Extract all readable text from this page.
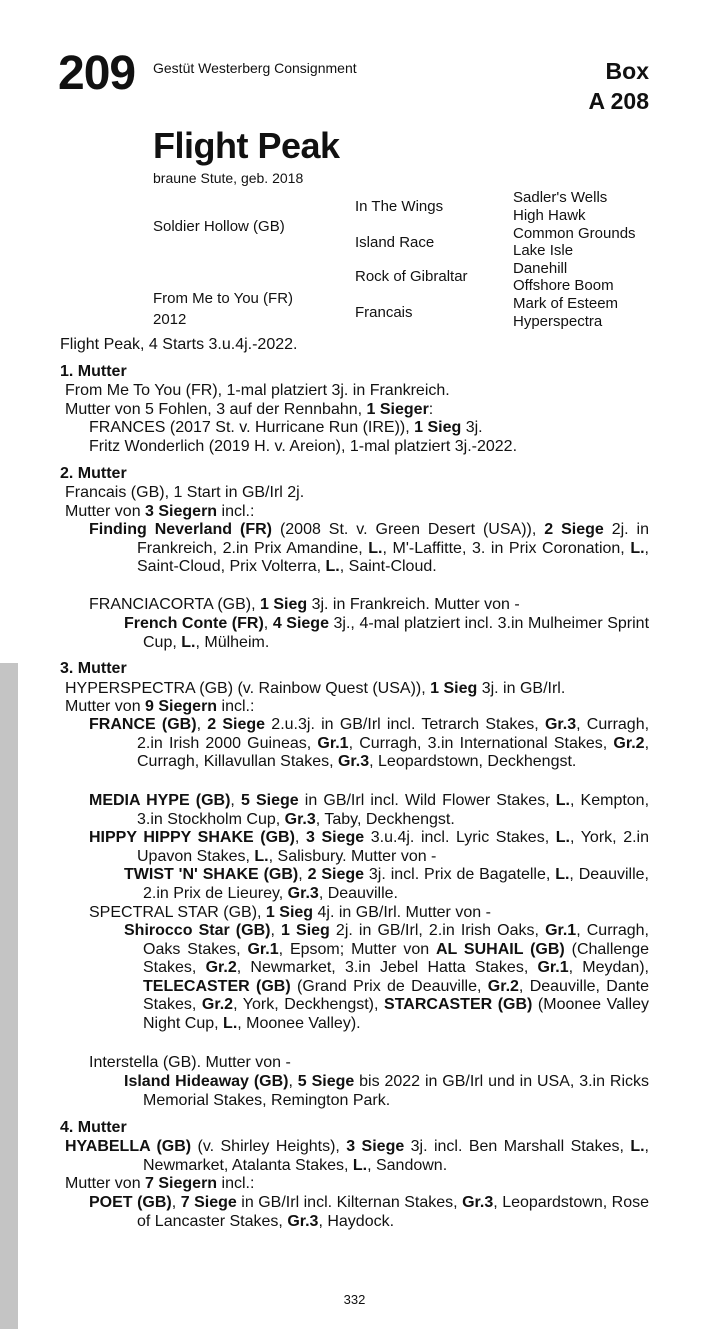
209 Gestüt Westerberg Consignment	Box
A 208
Flight Peak
braune Stute, geb. 2018
Soldier Hollow (GB)
From Me to You (FR)
2012
In The Wings
Island Race
Rock of Gibraltar
Francais
Sadler's Wells
High Hawk
Common Grounds
Lake Isle
Danehill
Offshore Boom
Mark of Esteem
Hyperspectra
Flight Peak, 4 Starts 3.u.4j.-2022.
1. Mutter
From Me To You (FR), 1-mal platziert 3j. in Frankreich.
Mutter von 5 Fohlen, 3 auf der Rennbahn, 1 Sieger:
FRANCES (2017 St. v. Hurricane Run (IRE)), 1 Sieg 3j.
Fritz Wonderlich (2019 H. v. Areion), 1-mal platziert 3j.-2022.
2. Mutter
Francais (GB), 1 Start in GB/Irl 2j.
Mutter von 3 Siegern incl.:
Finding Neverland (FR) (2008 St. v. Green Desert (USA)), 2 Siege 2j. in Frankreich, 2.in Prix Amandine, L., M'-Laffitte, 3. in Prix Coronation, L., Saint-Cloud, Prix Volterra, L., Saint-Cloud.
FRANCIACORTA (GB), 1 Sieg 3j. in Frankreich. Mutter von -
French Conte (FR), 4 Siege 3j., 4-mal platziert incl. 3.in Mulheimer Sprint Cup, L., Mülheim.
3. Mutter
HYPERSPECTRA (GB) (v. Rainbow Quest (USA)), 1 Sieg 3j. in GB/Irl.
Mutter von 9 Siegern incl.:
FRANCE (GB), 2 Siege 2.u.3j. in GB/Irl incl. Tetrarch Stakes, Gr.3, Curragh, 2.in Irish 2000 Guineas, Gr.1, Curragh, 3.in International Stakes, Gr.2, Curragh, Killavullan Stakes, Gr.3, Leopardstown, Deckhengst.
MEDIA HYPE (GB), 5 Siege in GB/Irl incl. Wild Flower Stakes, L., Kempton, 3.in Stockholm Cup, Gr.3, Taby, Deckhengst.
HIPPY HIPPY SHAKE (GB), 3 Siege 3.u.4j. incl. Lyric Stakes, L., York, 2.in Upavon Stakes, L., Salisbury. Mutter von -
TWIST 'N' SHAKE (GB), 2 Siege 3j. incl. Prix de Bagatelle, L., Deauville, 2.in Prix de Lieurey, Gr.3, Deauville.
SPECTRAL STAR (GB), 1 Sieg 4j. in GB/Irl. Mutter von -
Shirocco Star (GB), 1 Sieg 2j. in GB/Irl, 2.in Irish Oaks, Gr.1, Curragh, Oaks Stakes, Gr.1, Epsom; Mutter von AL SUHAIL (GB) (Challenge Stakes, Gr.2, Newmarket, 3.in Jebel Hatta Stakes, Gr.1, Meydan), TELECASTER (GB) (Grand Prix de Deauville, Gr.2, Deauville, Dante Stakes, Gr.2, York, Deckhengst), STARCASTER (GB) (Moonee Valley Night Cup, L., Moonee Valley).
Interstella (GB). Mutter von -
Island Hideaway (GB), 5 Siege bis 2022 in GB/Irl und in USA, 3.in Ricks Memorial Stakes, Remington Park.
4. Mutter
HYABELLA (GB) (v. Shirley Heights), 3 Siege 3j. incl. Ben Marshall Stakes, L., Newmarket, Atalanta Stakes, L., Sandown.
Mutter von 7 Siegern incl.:
POET (GB), 7 Siege in GB/Irl incl. Kilternan Stakes, Gr.3, Leopardstown, Rose of Lancaster Stakes, Gr.3, Haydock.
332
